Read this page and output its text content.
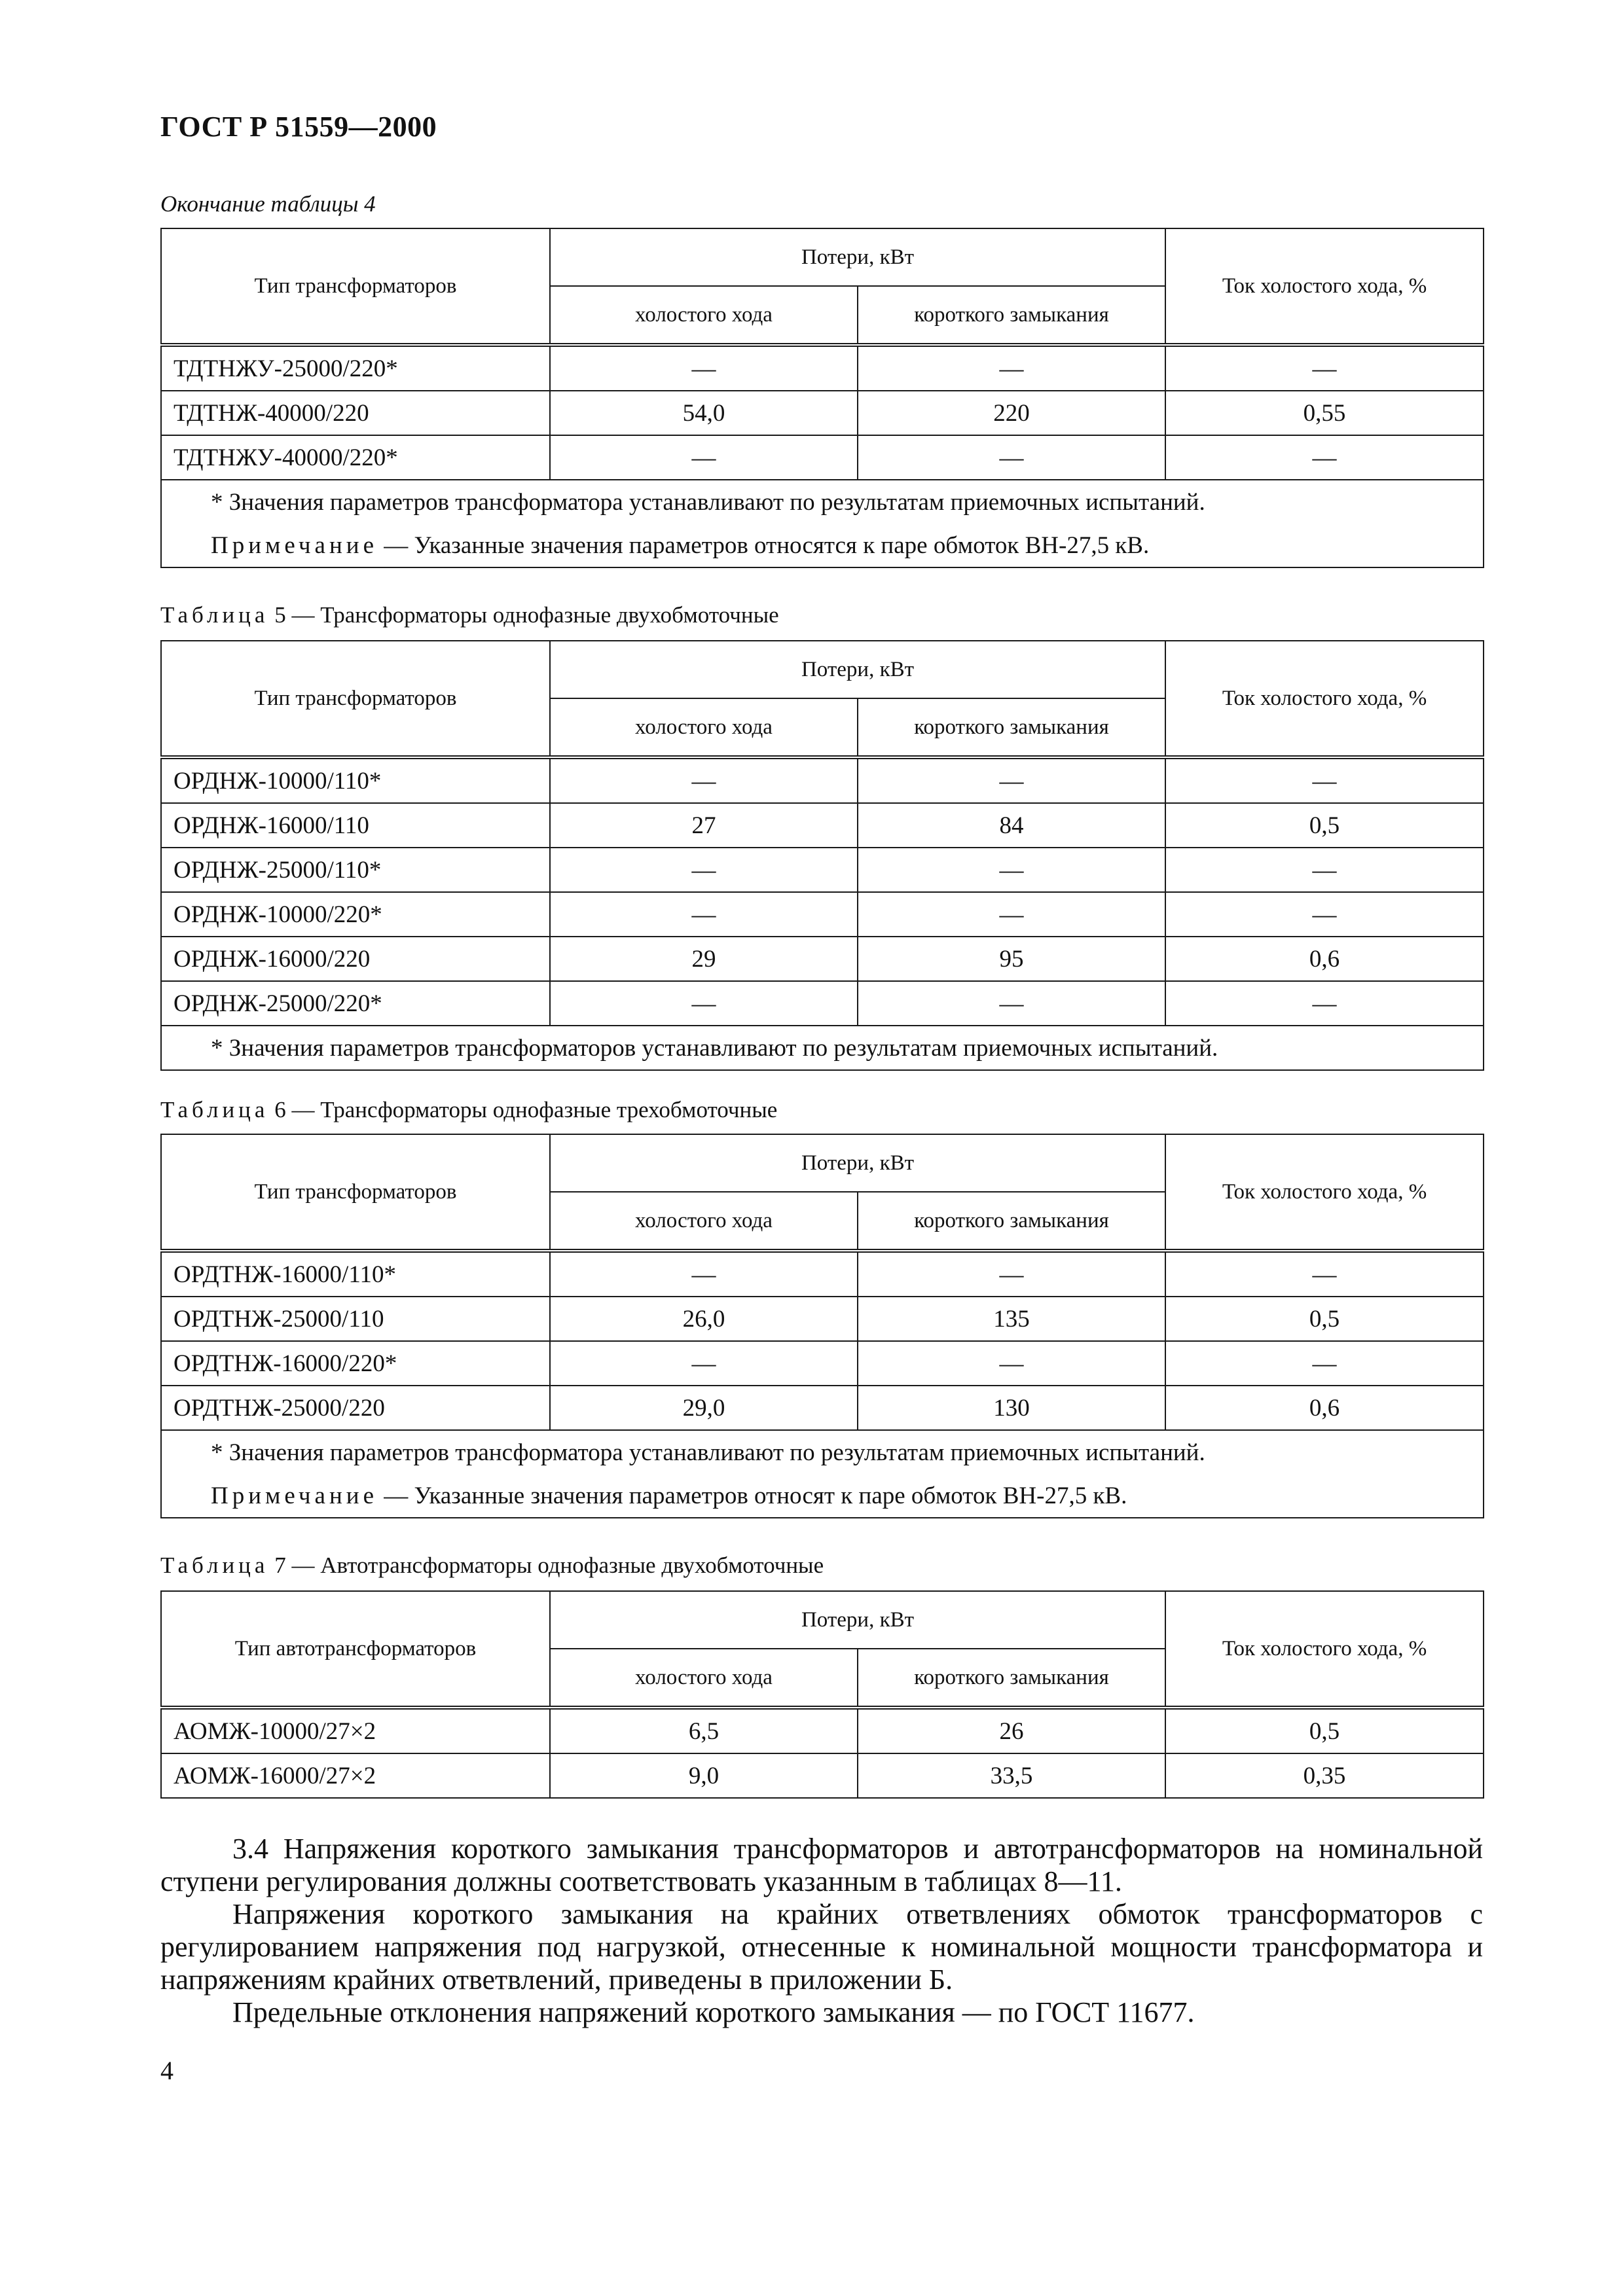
ГОСТ Р 51559—2000
Окончание таблицы 4
Тип трансформаторов	Потери, кВт		Ток холостого хода, %
	холостого хода	короткого замыкания	
ТДТНЖУ-25000/220*	—	—	—
ТДТНЖ-40000/220	54,0	220	0,55
ТДТНЖУ-40000/220*	—	—	—
* Значения параметров трансформатора устанавливают по результатам приемочных испытаний.			
Примечание — Указанные значения параметров относятся к паре обмоток ВН-27,5 кВ.			
Таблица 5 — Трансформаторы однофазные двухобмоточные
Тип трансформаторов	Потери, кВт		Ток холостого хода, %
	холостого хода	короткого замыкания	
ОРДНЖ-10000/110*	—	—	—
ОРДНЖ-16000/110	27	84	0,5
ОРДНЖ-25000/110*	—	—	—
ОРДНЖ-10000/220*	—	—	—
ОРДНЖ-16000/220	29	95	0,6
ОРДНЖ-25000/220*	—	—	—
* Значения параметров трансформаторов устанавливают по результатам приемочных испытаний.			
Таблица 6 — Трансформаторы однофазные трехобмоточные
Тип трансформаторов	Потери, кВт		Ток холостого хода, %
	холостого хода	короткого замыкания	
ОРДТНЖ-16000/110*	—	—	—
ОРДТНЖ-25000/110	26,0	135	0,5
ОРДТНЖ-16000/220*	—	—	—
ОРДТНЖ-25000/220	29,0	130	0,6
* Значения параметров трансформатора устанавливают по результатам приемочных испытаний.			
Примечание — Указанные значения параметров относят к паре обмоток ВН-27,5 кВ.			
Таблица 7 — Автотрансформаторы однофазные двухобмоточные
Тип автотрансформаторов	Потери, кВт		Ток холостого хода, %
	холостого хода	короткого замыкания	
АОМЖ-10000/27×2	6,5	26	0,5
АОМЖ-16000/27×2	9,0	33,5	0,35

3.4 Напряжения короткого замыкания трансформаторов и автотрансформаторов на номинальной ступени регулирования должны соответствовать указанным в таблицах 8—11.

Напряжения короткого замыкания на крайних ответвлениях обмоток трансформаторов с регулированием напряжения под нагрузкой, отнесенные к номинальной мощности трансформатора и напряжениям крайних ответвлений, приведены в приложении Б.

Предельные отклонения напряжений короткого замыкания — по ГОСТ 11677.

4
